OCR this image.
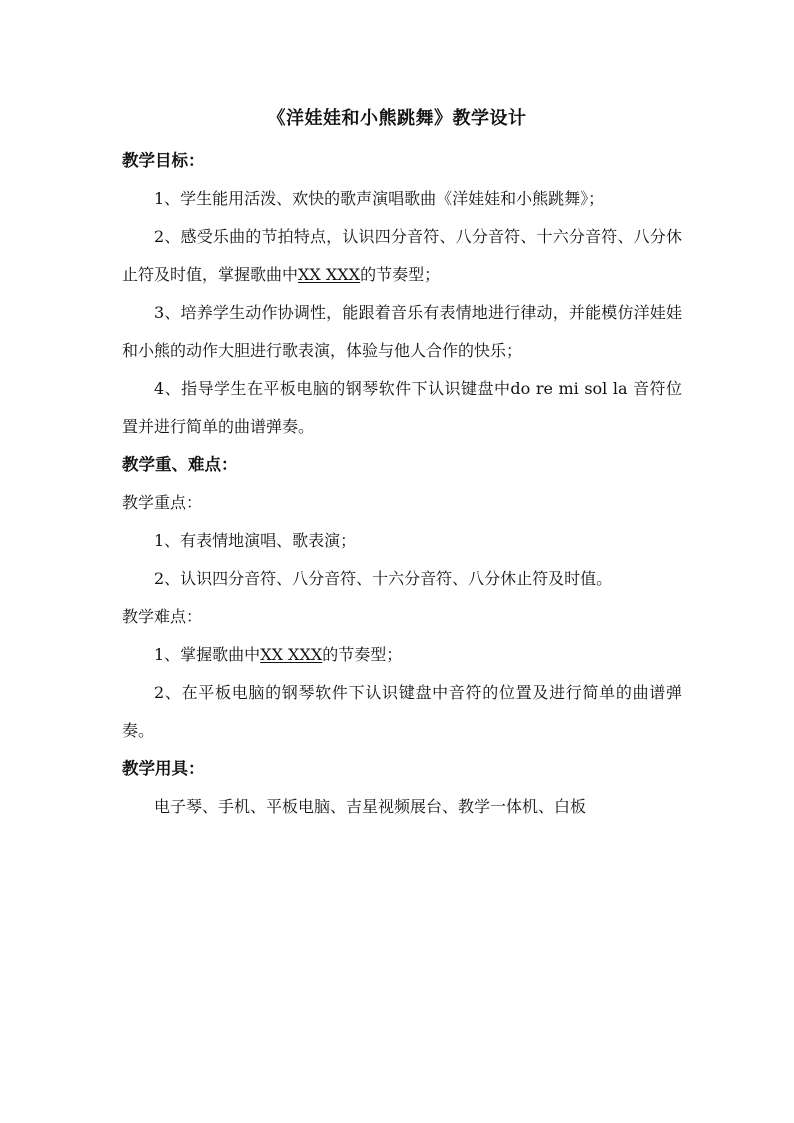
《洋娃娃和小熊跳舞》教学设计

教学目标：

1、学生能用活泼、欢快的歌声演唱歌曲《洋娃娃和小熊跳舞》；

2、感受乐曲的节拍特点，认识四分音符、八分音符、十六分音符、八分休止符及时值，掌握歌曲中XX XXX的节奏型；

3、培养学生动作协调性，能跟着音乐有表情地进行律动，并能模仿洋娃娃和小熊的动作大胆进行歌表演，体验与他人合作的快乐；

4、指导学生在平板电脑的钢琴软件下认识键盘中do re mi sol la 音符位置并进行简单的曲谱弹奏。

教学重、难点：

教学重点：

1、有表情地演唱、歌表演；

2、认识四分音符、八分音符、十六分音符、八分休止符及时值。

教学难点：

1、掌握歌曲中XX XXX的节奏型；

2、在平板电脑的钢琴软件下认识键盘中音符的位置及进行简单的曲谱弹奏。

教学用具：

电子琴、手机、平板电脑、吉星视频展台、教学一体机、白板
